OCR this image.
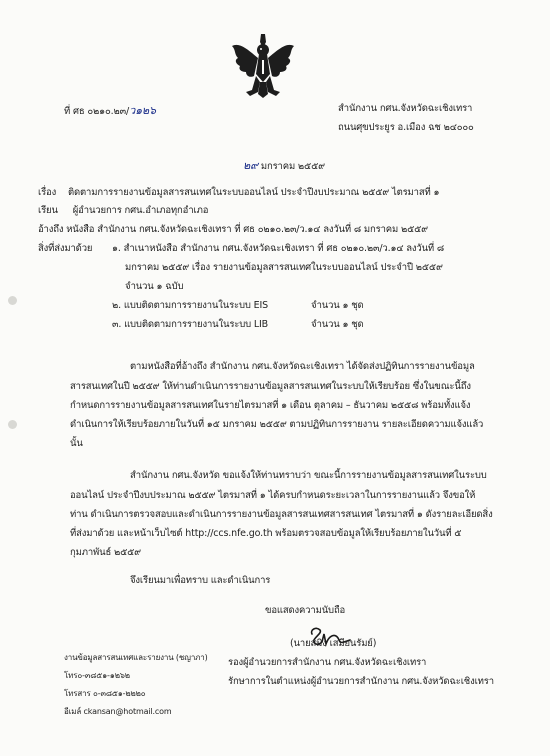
ที่ ศธ ๐๒๑๐.๒๓/ว๑๒๖	สำนักงาน กศน.จังหวัดฉะเชิงเทรา
ถนนศุขประยูร อ.เมือง ฉช ๒๔๐๐๐
๒๙ มกราคม ๒๕๕๙
เรื่อง ติดตามการรายงานข้อมูลสารสนเทศในระบบออนไลน์ ประจำปีงบประมาณ ๒๕๕๙ ไตรมาสที่ ๑
เรียน ผู้อำนวยการ กศน.อำเภอทุกอำเภอ
อ้างถึง หนังสือ สำนักงาน กศน.จังหวัดฉะเชิงเทรา ที่ ศธ ๐๒๑๐.๒๓/ว.๑๔ ลงวันที่ ๘ มกราคม ๒๕๕๙
สิ่งที่ส่งมาด้วย ๑. สำเนาหนังสือ สำนักงาน กศน.จังหวัดฉะเชิงเทรา ที่ ศธ ๐๒๑๐.๒๓/ว.๑๔ ลงวันที่ ๘
มกราคม ๒๕๕๙ เรื่อง รายงานข้อมูลสารสนเทศในระบบออนไลน์ ประจำปี ๒๕๕๙
จำนวน ๑ ฉบับ
๒. แบบติดตามการรายงานในระบบ EIS	จำนวน ๑ ชุด
๓. แบบติดตามการรายงานในระบบ LIB	จำนวน ๑ ชุด
ตามหนังสือที่อ้างถึง สำนักงาน กศน.จังหวัดฉะเชิงเทรา ได้จัดส่งปฏิทินการรายงานข้อมูล
สารสนเทศในปี ๒๕๕๙ ให้ท่านดำเนินการรายงานข้อมูลสารสนเทศในระบบให้เรียบร้อย ซึ่งในขณะนี้ถึง
กำหนดการรายงานข้อมูลสารสนเทศในรายไตรมาสที่ ๑ เดือน ตุลาคม – ธันวาคม ๒๕๕๘ พร้อมทั้งแจ้ง
ดำเนินการให้เรียบร้อยภายในวันที่ ๑๕ มกราคม ๒๕๕๙ ตามปฏิทินการรายงาน รายละเอียดความแจ้งแล้ว
นั้น
สำนักงาน กศน.จังหวัด ขอแจ้งให้ท่านทราบว่า ขณะนี้การรายงานข้อมูลสารสนเทศในระบบ
ออนไลน์ ประจำปีงบประมาณ ๒๕๕๙ ไตรมาสที่ ๑ ได้ครบกำหนดระยะเวลาในการรายงานแล้ว จึงขอให้
ท่าน ดำเนินการตรวจสอบและดำเนินการรายงานข้อมูลสารสนเทศสารสนเทศ ไตรมาสที่ ๑ ดังรายละเอียดสิ่ง
ที่ส่งมาด้วย และหน้าเว็บไซต์ http://ccs.nfe.go.th พร้อมตรวจสอบข้อมูลให้เรียบร้อยภายในวันที่ ๕
กุมภาพันธ์ ๒๕๕๙
จึงเรียนมาเพื่อทราบ และดำเนินการ
ขอแสดงความนับถือ
(นายสมิง เสมียนรัมย์)
รองผู้อำนวยการสำนักงาน กศน.จังหวัดฉะเชิงเทรา
รักษาการในตำแหน่งผู้อำนวยการสำนักงาน กศน.จังหวัดฉะเชิงเทรา
งานข้อมูลสารสนเทศและรายงาน (ชญาภา)
โทร๐-๓๘๕๑-๑๒๖๒
โทรสาร ๐-๓๘๕๑-๒๒๒๐
อีเมล์ ckansan@hotmail.com
